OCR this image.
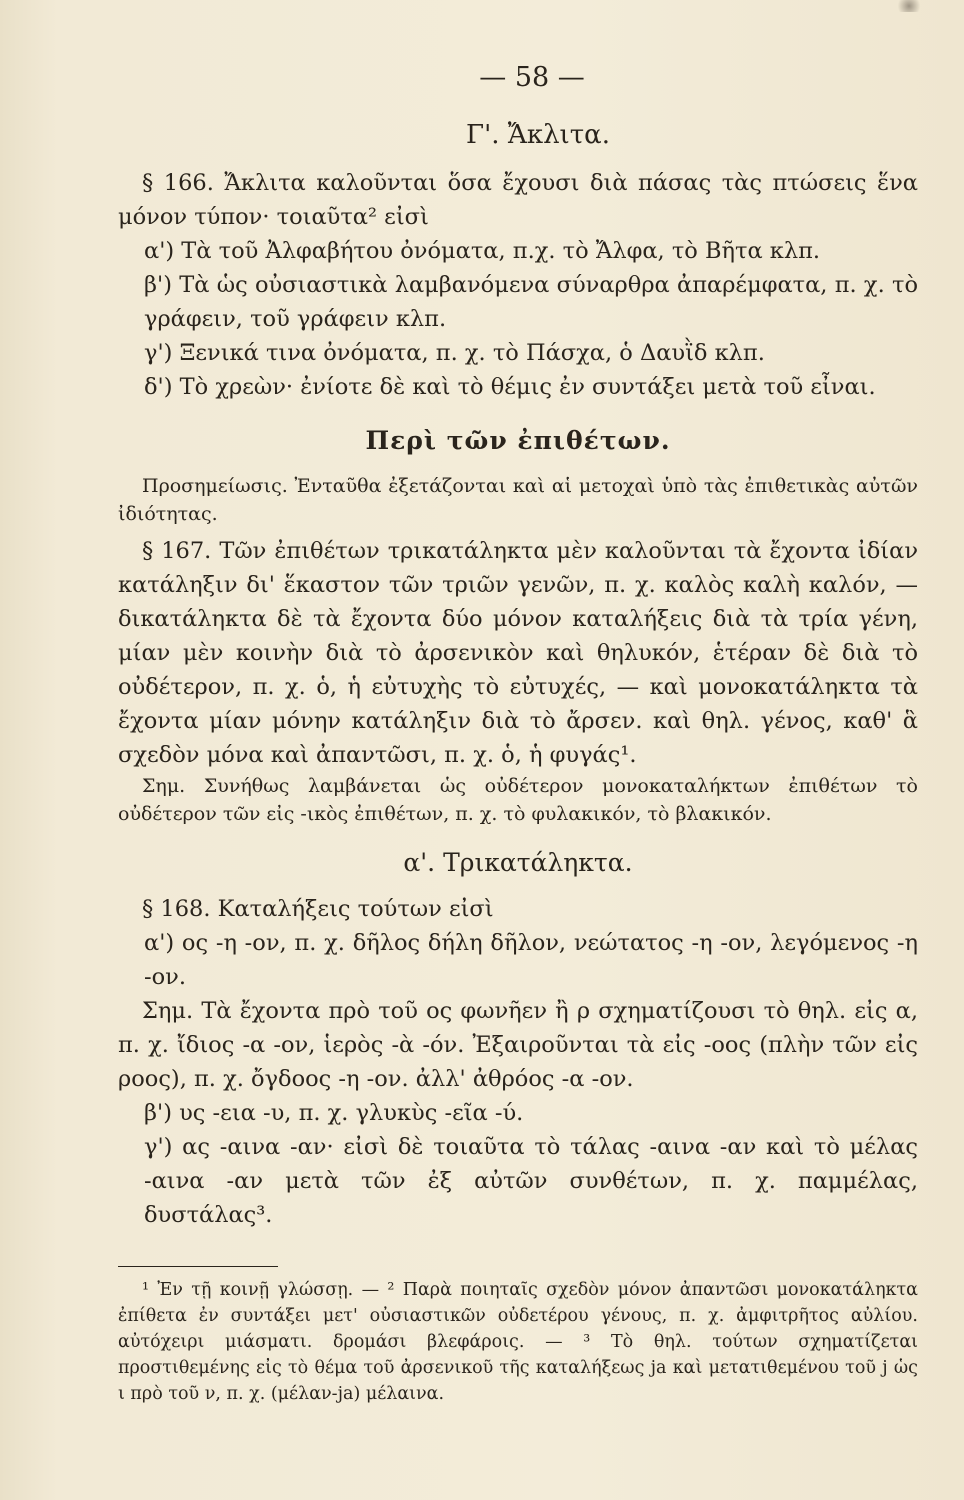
— 58 —
Γ'. Ἄκλιτα.

§ 166. Ἄκλιτα καλοῦνται ὅσα ἔχουσι διὰ πάσας τὰς πτώσεις ἕνα μόνον τύπον· τοιαῦτα² εἰσὶ

α') Τὰ τοῦ Ἀλφαβήτου ὀνόματα, π.χ. τὸ Ἄλφα, τὸ Βῆτα κλπ.

β') Τὰ ὡς οὐσιαστικὰ λαμβανόμενα σύναρθρα ἀπαρέμφατα, π. χ. τὸ γράφειν, τοῦ γράφειν κλπ.

γ') Ξενικά τινα ὀνόματα, π. χ. τὸ Πάσχα, ὁ Δαυῒδ κλπ.

δ') Τὸ χρεὼν· ἐνίοτε δὲ καὶ τὸ θέμις ἐν συντάξει μετὰ τοῦ εἶναι.

Περὶ τῶν ἐπιθέτων.

Προσημείωσις. Ἐνταῦθα ἐξετάζονται καὶ αἱ μετοχαὶ ὑπὸ τὰς ἐπιθετικὰς αὐτῶν ἰδιότητας.

§ 167. Τῶν ἐπιθέτων τρικατάληκτα μὲν καλοῦνται τὰ ἔχοντα ἰδίαν κατάληξιν δι' ἕκαστον τῶν τριῶν γενῶν, π. χ. καλὸς καλὴ καλόν, — δικατάληκτα δὲ τὰ ἔχοντα δύο μόνον καταλήξεις διὰ τὰ τρία γένη, μίαν μὲν κοινὴν διὰ τὸ ἀρσενικὸν καὶ θηλυκόν, ἑτέραν δὲ διὰ τὸ οὐδέτερον, π. χ. ὁ, ἡ εὐτυχὴς τὸ εὐτυχές, — καὶ μονοκατάληκτα τὰ ἔχοντα μίαν μόνην κατάληξιν διὰ τὸ ἄρσεν. καὶ θηλ. γένος, καθ' ἃ σχεδὸν μόνα καὶ ἀπαντῶσι, π. χ. ὁ, ἡ φυγάς¹.

Σημ. Συνήθως λαμβάνεται ὡς οὐδέτερον μονοκαταλήκτων ἐπιθέτων τὸ οὐδέτερον τῶν εἰς -ικὸς ἐπιθέτων, π. χ. τὸ φυλακικόν, τὸ βλακικόν.

α'. Τρικατάληκτα.

§ 168. Καταλήξεις τούτων εἰσὶ

α') ος -η -ον, π. χ. δῆλος δήλη δῆλον, νεώτατος -η -ον, λεγόμενος -η -ον.

Σημ. Τὰ ἔχοντα πρὸ τοῦ ος φωνῆεν ἢ ρ σχηματίζουσι τὸ θηλ. εἰς α, π. χ. ἴδιος -α -ον, ἱερὸς -ὰ -όν. Ἐξαιροῦνται τὰ εἰς -οος (πλὴν τῶν εἰς ροος), π. χ. ὄγδοος -η -ον. ἀλλ' ἀθρόος -α -ον.

β') υς -εια -υ, π. χ. γλυκὺς -εῖα -ύ.

γ') ας -αινα -αν· εἰσὶ δὲ τοιαῦτα τὸ τάλας -αινα -αν καὶ τὸ μέλας -αινα -αν μετὰ τῶν ἐξ αὐτῶν συνθέτων, π. χ. παμμέλας, δυστάλας³.

¹ Ἐν τῇ κοινῇ γλώσσῃ. — ² Παρὰ ποιηταῖς σχεδὸν μόνον ἀπαντῶσι μονοκατάληκτα ἐπίθετα ἐν συντάξει μετ' οὐσιαστικῶν οὐδετέρου γένους, π. χ. ἀμφιτρῆτος αὐλίου. αὐτόχειρι μιάσματι. δρομάσι βλεφάροις. — ³ Τὸ θηλ. τούτων σχηματίζεται προστιθεμένης εἰς τὸ θέμα τοῦ ἀρσενικοῦ τῆς καταλήξεως ja καὶ μετατιθεμένου τοῦ j ὡς ι πρὸ τοῦ ν, π. χ. (μέλαν-ja) μέλαινα.
